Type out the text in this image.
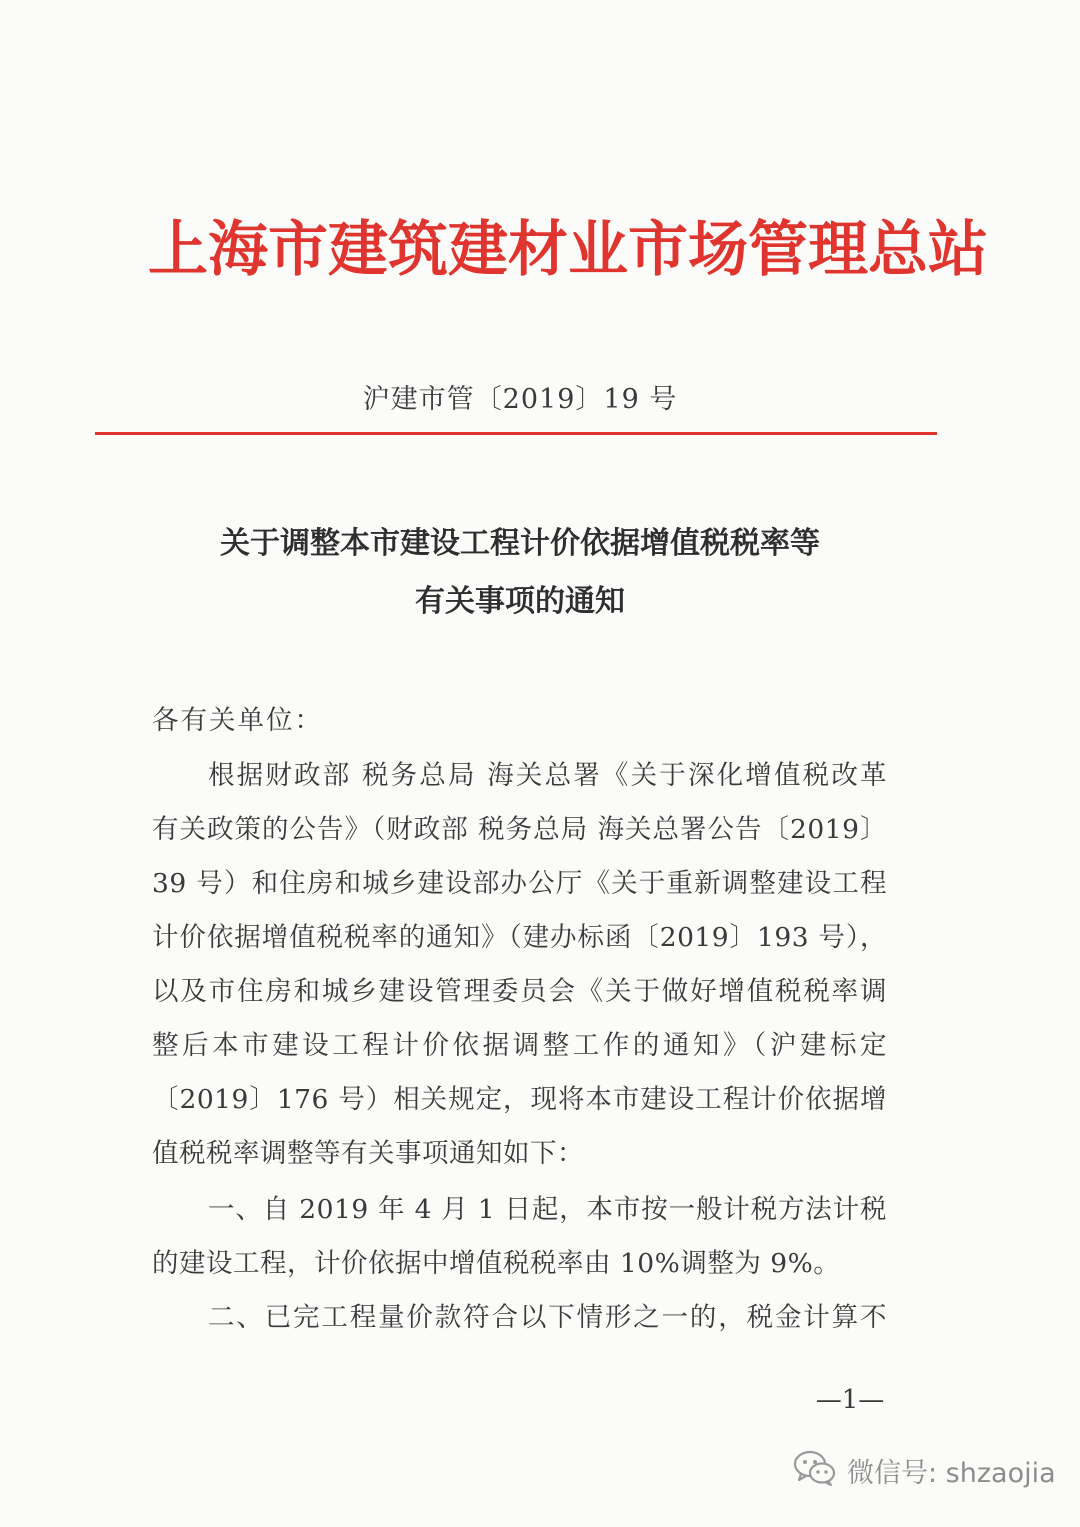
上海市建筑建材业市场管理总站
沪建市管〔2019〕19 号
关于调整本市建设工程计价依据增值税税率等
有关事项的通知
各有关单位：
根据财政部 税务总局 海关总署《关于深化增值税改革
有关政策的公告》（财政部 税务总局 海关总署公告〔2019〕
39 号）和住房和城乡建设部办公厅《关于重新调整建设工程
计价依据增值税税率的通知》（建办标函〔2019〕193 号），
以及市住房和城乡建设管理委员会《关于做好增值税税率调
整后本市建设工程计价依据调整工作的通知》（沪建标定
〔2019〕176 号）相关规定，现将本市建设工程计价依据增
值税税率调整等有关事项通知如下：
一、自 2019 年 4 月 1 日起，本市按一般计税方法计税
的建设工程，计价依据中增值税税率由 10%调整为 9%。
二、已完工程量价款符合以下情形之一的，税金计算不
—1—
微信号: shzaojia
